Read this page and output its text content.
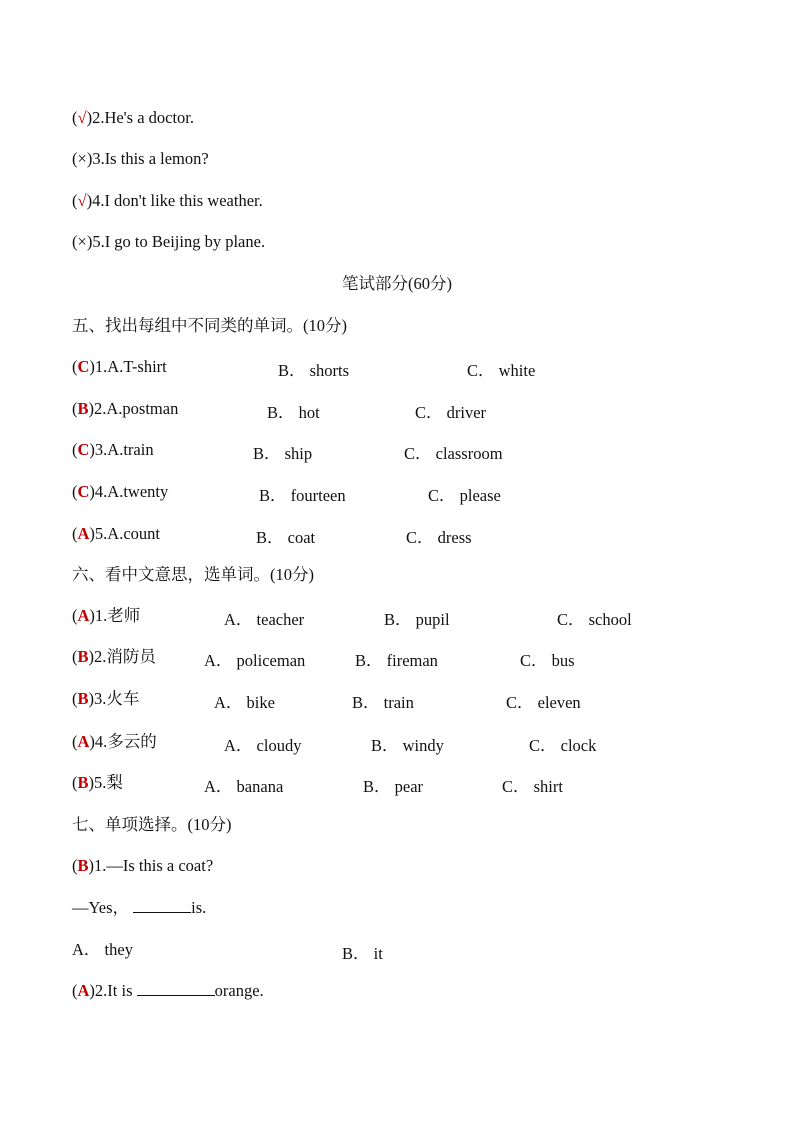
(√)2.He's a doctor.
(×)3.Is this a lemon?
(√)4.I don't like this weather.
(×)5.I go to Beijing by plane.
笔试部分(60分)
五、找出每组中不同类的单词。(10分)
(C)1.A.T-shirt	B． shorts	C． white
(B)2.A.postman	B． hot	C． driver
(C)3.A.train	B． ship	C． classroom
(C)4.A.twenty	B． fourteen	C． please
(A)5.A.count	B． coat	C． dress
六、看中文意思，选单词。(10分)
(A)1.老师	A． teacher	B． pupil	C． school
(B)2.消防员	A． policeman	B． fireman	C． bus
(B)3.火车	A． bike	B． train	C． eleven
(A)4.多云的	A． cloudy	B． windy	C． clock
(B)5.梨	A． banana	B． pear	C． shirt
七、单项选择。(10分)
(B)1.—Is this a coat?
—Yes，	is.
A． they	B． it
(A)2.It is	orange.
